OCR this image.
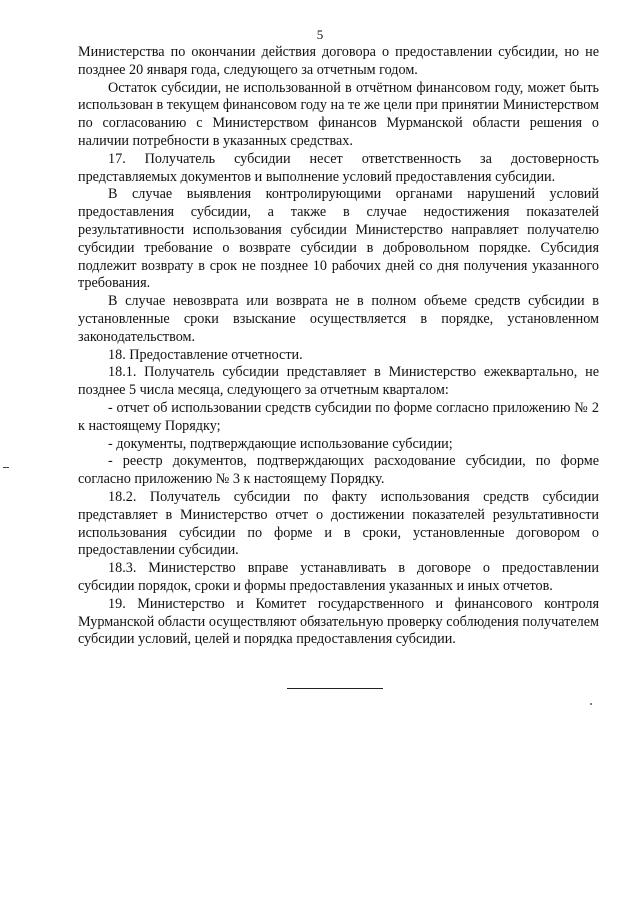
5

Министерства по окончании действия договора о предоставлении субсидии, но не позднее 20 января года, следующего за отчетным годом.

Остаток субсидии, не использованной в отчётном финансовом году, может быть использован в текущем финансовом году на те же цели при принятии Министерством по согласованию с Министерством финансов Мурманской области решения о наличии потребности в указанных средствах.

17. Получатель субсидии несет ответственность за достоверность представляемых документов и выполнение условий предоставления субсидии.

В случае выявления контролирующими органами нарушений условий предоставления субсидии, а также в случае недостижения показателей результативности использования субсидии Министерство направляет получателю субсидии требование о возврате субсидии в добровольном порядке. Субсидия подлежит возврату в срок не позднее 10 рабочих дней со дня получения указанного требования.

В случае невозврата или возврата не в полном объеме средств субсидии в установленные сроки взыскание осуществляется в порядке, установленном законодательством.

18. Предоставление отчетности.

18.1. Получатель субсидии представляет в Министерство ежеквартально, не позднее 5 числа месяца, следующего за отчетным кварталом:

- отчет об использовании средств субсидии по форме согласно приложению № 2 к настоящему Порядку;

- документы, подтверждающие использование субсидии;

- реестр документов, подтверждающих расходование субсидии, по форме согласно приложению № 3 к настоящему Порядку.

18.2. Получатель субсидии по факту использования средств субсидии представляет в Министерство отчет о достижении показателей результативности использования субсидии по форме и в сроки, установленные договором о предоставлении субсидии.

18.3. Министерство вправе устанавливать в договоре о предоставлении субсидии порядок, сроки и формы предоставления указанных и иных отчетов.

19. Министерство и Комитет государственного и финансового контроля Мурманской области осуществляют обязательную проверку соблюдения получателем субсидии условий, целей и порядка предоставления субсидии.
